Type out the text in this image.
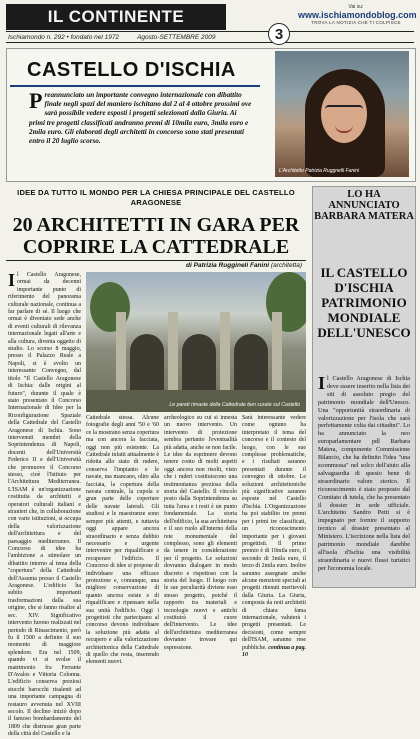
IL CONTINENTE	Vai su:
www.ischiamondoblog.com
TROVA LA NOTIZIA CHE TI COLPISCE
Ischiamondo n. 292 • fondato nel 1972	Agosto-SETTEMBRE 2009	3
CASTELLO D'ISCHIA
Preannunciato un importante convegno internazionale con dibattito finale negli spazi del maniero ischitano dal 2 al 4 ottobre prossimi ove sarà possibile vedere esposti i progetti selezionati dalla Giuria. Ai primi tre progetti classificati andranno premi di 10mila euro, 3mila euro e 2mila euro. Gli elaborati degli architetti in concorso sono stati presentati entro il 20 luglio scorso.
L'Architetto Patrizia Ruggnelli Fanini
IDEE DA TUTTO IL MONDO PER LA CHIESA PRINCIPALE DEL CASTELLO ARAGONESE
20 ARCHITETTI IN GARA PER COPRIRE LA CATTEDRALE
di Patrizia Ruggineli Fanini (architetta)
Il Castello Aragonese, ormai da decenni importante punto di riferimento del panorama culturale nazionale, continua a far parlare di sé. Il luogo che ormai è diventato sede anche di eventi culturali di rilevanza internazionale legati all'arte e alla cultura, diventa oggetto di studio. Lo scorso 8 maggio, presso il Palazzo Reale a Napoli, si è svolto un interessante Convegno, dal titolo "Il Castello Aragonese di Ischia: dalle origini al futuro", durante il quale è stato presentato il Concorso Internazionale di Idee per la Riconfigurazione Spaziale della Cattedrale del Castello Aragonese di Ischia. Sono intervenuti membri della Soprintendenza di Napoli, docenti dell'Università Federico II e dell'Università che promuove il Concorso stesso, cioè l'Istituto per l'Architettura Mediterranea. L'ISAM è un'organizzazione costituita da architetti e operatori culturali italiani e stranieri che, in collaborazione con varie istituzioni, si occupa della valorizzazione dell'architettura e del paesaggio mediterraneo. Il Concorso di idee ha l'ambizione a stimolare un dibattito intorno al tema della "copertura" della Cattedrale dell'Assunta presso il Castello Aragonese. L'edificio ha subito importanti trasformazioni dalla sua origine, che si fanno risalire al sec. XIV. Significativo intervento furono realizzati nel periodo di Rinascimento, però fu il 1500 a definire il suo momento di maggiore splendore. Era nel 1509, quando vi si svolse il matrimonio fra Ferrante D'Avalos e Vittoria Colonna. L'edificio conserva preziosi stucchi barocchi risalenti ad una importante campagna di restauro avvenuta nel XVIII secolo. Il declino iniziò dopo il famoso bombardamento del 1809 che distrusse gran parte della città del Castello e la
Le pareti rimaste della Cattedrale ben curate sul Castello
Cattedrale stessa. Alcune fotografie degli anni '50 e '60 ce la mostrano senza copertura ma con ancora la facciata, oggi non più esistente. La Cattedrale infatti attualmente è ridotta allo stato di rudere, conserva l'impianto e le navate, ma mancano, oltre alla facciata, la copertura della navata centrale, la cupola e gran parte delle coperture delle navate laterali. Gli studiosi e le maestranze sono sempre più attenti, e tuttavia oggi appare ancora straordinario e senza dubbio necessario e urgente intervenire per riqualificare e recuperare l'edificio. Il Concorso di idee si propone di individuare una efficace protezione e, comunque, una migliore conservazione di quanto ancora esiste e di riqualificare e ripensare nella sua unità l'edificio. Oggi i progettisti che partecipano al concorso devono individuare la soluzione più adatta al recupero e alla valorizzazione architettonica della Cattedrale di quello che resta, inserendo elementi nuovi.
archeologico su cui si innesta un nuovo intervento. Un intervento di protezione sembra pertanto l'eventualità più adatta, anche se non facile. Le idee da esprimere devono tenere conto di molti aspetti oggi ancora non risolti, visto che i ruderi costituiscono una testimonianza preziosa della storia del Castello. Il vincolo posto dalla Soprintendenza su tutta l'area e i resti è un punto fondamentale. La storia dell'edificio, la sua architettura e il suo ruolo all'interno della rete monumentale del complesso, sono gli elementi da tenere in considerazione per il progetto. Le soluzioni dovranno dialogare in modo discreto e rispettoso con la storia del luogo. Il luogo con le sue peculiarità diviene esso stesso progetto, poiché il rapporto tra materiali e tecnologie nuovi e antichi costituirà il cuore dell'intervento. Le idee dell'architettura mediterranea dovranno trovare qui espressione.
Sarà interessante vedere come ognuno ha interpretato il tema del concorso e il contesto del luogo, con le sue complesse problematiche, e i risultati saranno presentati durante il convegno di ottobre. Le soluzioni architettoniche più significative saranno esposte nel Castello d'Ischia. L'Organizzazione ha poi stabilito tre premi per i primi tre classificati, un riconoscimento importante per i giovani progettisti. Il primo premio è di 10mila euro, il secondo di 3mila euro, il terzo di 2mila euro. Inoltre saranno assegnate anche alcune menzioni speciali ai progetti ritenuti meritevoli dalla Giuria. La Giuria, composta da noti architetti di chiara fama internazionale, valuterà i progetti presentati. Le decisioni, come sempre dell'ISAM, saranno rese pubbliche. continua a pag. 10
LO HA ANNUNCIATO BARBARA MATERA
IL CASTELLO D'ISCHIA PATRIMONIO MONDIALE DELL'UNESCO
Il Castello Aragonese di Ischia deve essere inserito nella lista dei siti di assoluto pregio del patrimonio mondiale dell'Unesco. Una "opportunità straordinaria di valorizzazione per l'isola che sarà perfettamente colta dai cittadini". Lo ha annunciato la neo europarlamentare pdl Barbara Matera, componente Commissione Bilancio, che ha definito l'idea "una scommessa" nel solco dell'aiuto alla salvaguardia di questo bene di straordinario valore storico. Il riconoscimento è stato proposto dal Comitato di tutela, che ha presentato il dossier in sede ufficiale. L'architetto Sandro Petti si è impegnato per fornire il supporto tecnico al dossier presentato al Ministero. L'iscrizione nella lista del patrimonio mondiale darebbe all'isola d'Ischia una visibilità straordinaria e nuovi flussi turistici per l'economia locale.
